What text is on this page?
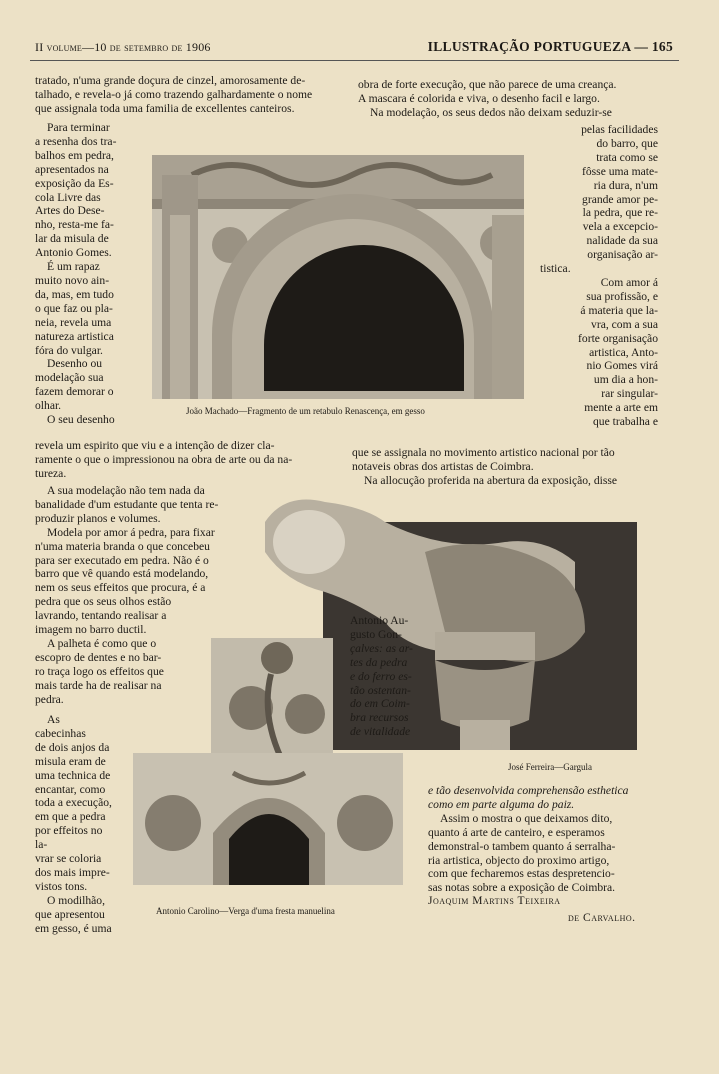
II volume—10 de setembro de 1906	ILLUSTRAÇÃO PORTUGUEZA — 165

tratado, n'uma grande doçura de cinzel, amorosamente de-

talhado, e revela-o já como trazendo galhardamente o nome

que assignala toda uma familia de excellentes canteiros.

obra de forte execução, que não parece de uma creança.

A mascara é colorida e viva, o desenho facil e largo.

Na modelação, os seus dedos não deixam seduzir-se

Para terminar

a resenha dos tra-

balhos em pedra,

apresentados na

exposição da Es-

cola Livre das

Artes do Dese-

nho, resta-me fa-

lar da misula de

Antonio Gomes.

É um rapaz

muito novo ain-

da, mas, em tudo

o que faz ou pla-

neia, revela uma

natureza artistica

fóra do vulgar.

Desenho ou

modelação sua

fazem demorar o

olhar.

O seu desenho

João Machado—Fragmento de um retabulo Renascença, em gesso

pelas facilidades

do barro, que

trata como se

fôsse uma mate-

ria dura, n'um

grande amor pe-

la pedra, que re-

vela a excepcio-

nalidade da sua

organisação ar-

tistica.

Com amor á

sua profissão, e

á materia que la-

vra, com a sua

forte organisação

artistica, Anto-

nio Gomes virá

um dia a hon-

rar singular-

mente a arte em

que trabalha e

revela um espirito que viu e a intenção de dizer cla-

ramente o que o impressionou na obra de arte ou da na-

tureza.

que se assignala no movimento artistico nacional por tão

notaveis obras dos artistas de Coimbra.

Na allocução proferida na abertura da exposição, disse

A sua modelação não tem nada da

banalidade d'um estudante que tenta re-

produzir planos e volumes.

Modela por amor á pedra, para fixar

n'uma materia branda o que concebeu

para ser executado em pedra. Não é o

barro que vê quando está modelando,

nem os seus effeitos que procura, é a

pedra que os seus olhos estão

lavrando, tentando realisar a

imagem no barro ductil.

A palheta é como que o

escopro de dentes e no bar-

ro traça logo os effeitos que

mais tarde ha de realisar na

pedra.

Antonio Au-

gusto Gon-

çalves: as ar-

tes da pedra

e do ferro es-

tão ostentan-

do em Coim-

bra recursos

de vitalidade

José Ferreira—Gargula
Antonio Carolino—Verga d'uma fresta manuelina

As cabecinhas

de dois anjos da

misula eram de

uma technica de

encantar, como

toda a execução,

em que a pedra

por effeitos no la-

vrar se coloria

dos mais impre-

vistos tons.

O modilhão,

que apresentou

em gesso, é uma

e tão desenvolvida comprehensão esthetica

como em parte alguma do paiz.

Assim o mostra o que deixamos dito,

quanto á arte de canteiro, e esperamos

demonstral-o tambem quanto á serralha-

ria artistica, objecto do proximo artigo,

com que fecharemos estas despretencio-

sas notas sobre a exposição de Coimbra.

Joaquim Martins Teixeira
de Carvalho.
